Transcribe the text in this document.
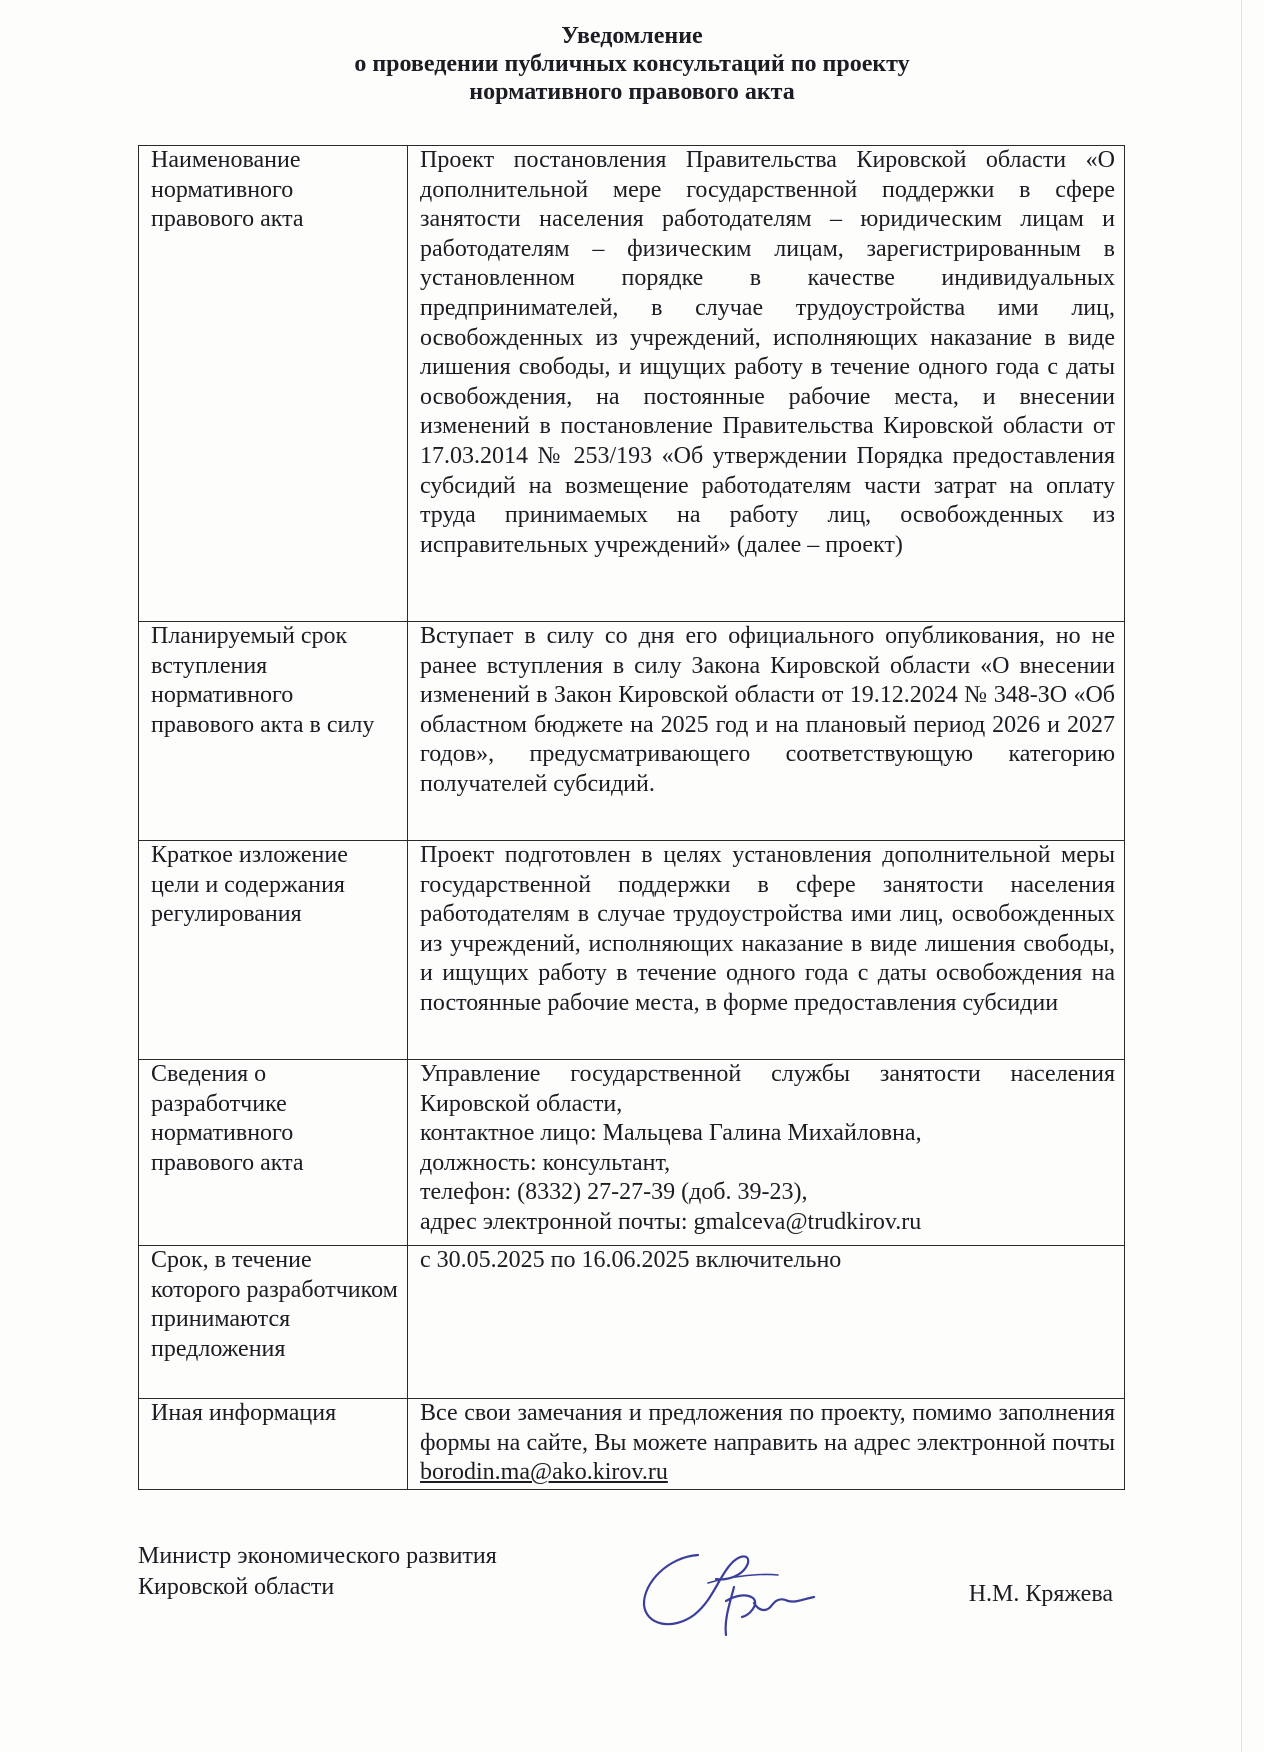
Уведомление
о проведении публичных консультаций по проекту
нормативного правового акта
Наименование нормативного правового акта	Проект постановления Правительства Кировской области «О дополнительной мере государственной поддержки в сфере занятости населения работодателям – юридическим лицам и работодателям – физическим лицам, зарегистрированным в установленном порядке в качестве индивидуальных предпринимателей, в случае трудоустройства ими лиц, освобожденных из учреждений, исполняющих наказание в виде лишения свободы, и ищущих работу в течение одного года с даты освобождения, на постоянные рабочие места, и внесении изменений в постановление Правительства Кировской области от 17.03.2014 № 253/193 «Об утверждении Порядка предоставления субсидий на возмещение работодателям части затрат на оплату труда принимаемых на работу лиц, освобожденных из исправительных учреждений» (далее – проект)
Планируемый срок вступления нормативного правового акта в силу	Вступает в силу со дня его официального опубликования, но не ранее вступления в силу Закона Кировской области «О внесении изменений в Закон Кировской области от 19.12.2024 № 348-ЗО «Об областном бюджете на 2025 год и на плановый период 2026 и 2027 годов», предусматривающего соответствующую категорию получателей субсидий.
Краткое изложение цели и содержания регулирования	Проект подготовлен в целях установления дополнительной меры государственной поддержки в сфере занятости населения работодателям в случае трудоустройства ими лиц, освобожденных из учреждений, исполняющих наказание в виде лишения свободы, и ищущих работу в течение одного года с даты освобождения на постоянные рабочие места, в форме предоставления субсидии
Сведения о разработчике нормативного правового акта	Управление государственной службы занятости населения Кировской области,
контактное лицо: Мальцева Галина Михайловна,
должность: консультант,
телефон: (8332) 27-27-39 (доб. 39-23),
адрес электронной почты: gmalceva@trudkirov.ru

Срок, в течение которого разработчиком принимаются предложения	с 30.05.2025 по 16.06.2025 включительно
Иная информация	Все свои замечания и предложения по проекту, помимо заполнения формы на сайте, Вы можете направить на адрес электронной почты borodin.ma@ako.kirov.ru
Министр экономического развития
Кировской области	Н.М. Кряжева
